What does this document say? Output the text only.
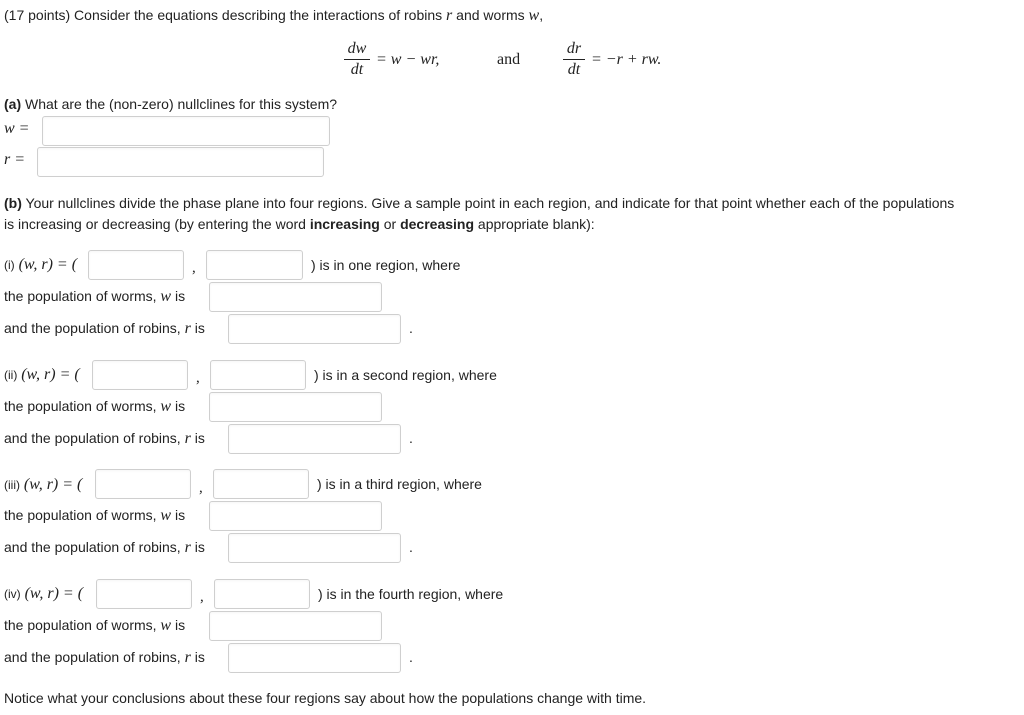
(17 points) Consider the equations describing the interactions of robins r and worms w,
dw
dt
= w − wr,	and
dr
dt
= −r + rw.
(a) What are the (non-zero) nullclines for this system?
w =
r =
(b) Your nullclines divide the phase plane into four regions. Give a sample point in each region, and indicate for that point whether each of the populations
is increasing or decreasing (by entering the word increasing or decreasing appropriate blank):
(i) (w, r) = (	,	) is in one region, where
the population of worms, w is
and the population of robins, r is	.
(ii) (w, r) = (	,	) is in a second region, where
the population of worms, w is
and the population of robins, r is	.
(iii) (w, r) = (	,	) is in a third region, where
the population of worms, w is
and the population of robins, r is	.
(iv) (w, r) = (	,	) is in the fourth region, where
the population of worms, w is
and the population of robins, r is	.
Notice what your conclusions about these four regions say about how the populations change with time.
